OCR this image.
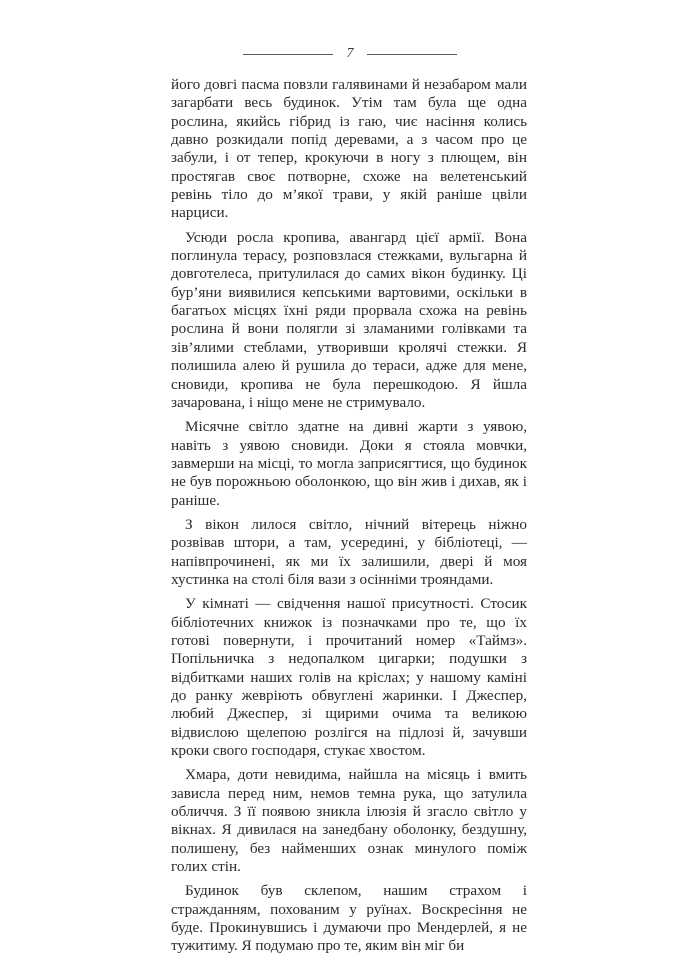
7

його довгі пасма повзли галявинами й незабаром мали загарбати весь будинок. Утім там була ще одна рослина, якийсь гібрид із гаю, чиє насіння колись давно розкидали попід деревами, а з часом про це забули, і от тепер, крокуючи в ногу з плющем, він простягав своє потворне, схоже на велетенський ревінь тіло до м’якої трави, у якій раніше цвіли нарциси.

Усюди росла кропива, авангард цієї армії. Вона поглинула терасу, розповзлася стежками, вульгарна й довготелеса, притулилася до самих вікон будинку. Ці бур’яни виявилися кепськими вартовими, оскільки в багатьох місцях їхні ряди прорвала схожа на ревінь рослина й вони полягли зі зламаними голівками та зів’ялими стеблами, утворивши кролячі стежки. Я полишила алею й рушила до тераси, адже для мене, сновиди, кропива не була перешкодою. Я йшла зачарована, і ніщо мене не стримувало.

Місячне світло здатне на дивні жарти з уявою, навіть з уявою сновиди. Доки я стояла мовчки, завмерши на місці, то могла заприсягтися, що будинок не був порожньою оболонкою, що він жив і дихав, як і раніше.

З вікон лилося світло, нічний вітерець ніжно розвівав штори, а там, усередині, у бібліотеці, — напівпрочинені, як ми їх залишили, двері й моя хустинка на столі біля вази з осінніми трояндами.

У кімнаті — свідчення нашої присутності. Стосик бібліотечних книжок із позначками про те, що їх готові повернути, і прочитаний номер «Таймз». Попільничка з недопалком цигарки; подушки з відбитками наших голів на кріслах; у нашому каміні до ранку жевріють обвуглені жаринки. І Джеспер, любий Джеспер, зі щирими очима та великою відвислою щелепою розлігся на підлозі й, зачувши кроки свого господаря, стукає хвостом.

Хмара, доти невидима, найшла на місяць і вмить зависла перед ним, немов темна рука, що затулила обличчя. З її появою зникла ілюзія й згасло світло у вікнах. Я дивилася на занедбану оболонку, бездушну, полишену, без найменших ознак минулого поміж голих стін.

Будинок був склепом, нашим страхом і стражданням, похованим у руїнах. Воскресіння не буде. Прокинувшись і думаючи про Мендерлей, я не тужитиму. Я подумаю про те, яким він міг би
